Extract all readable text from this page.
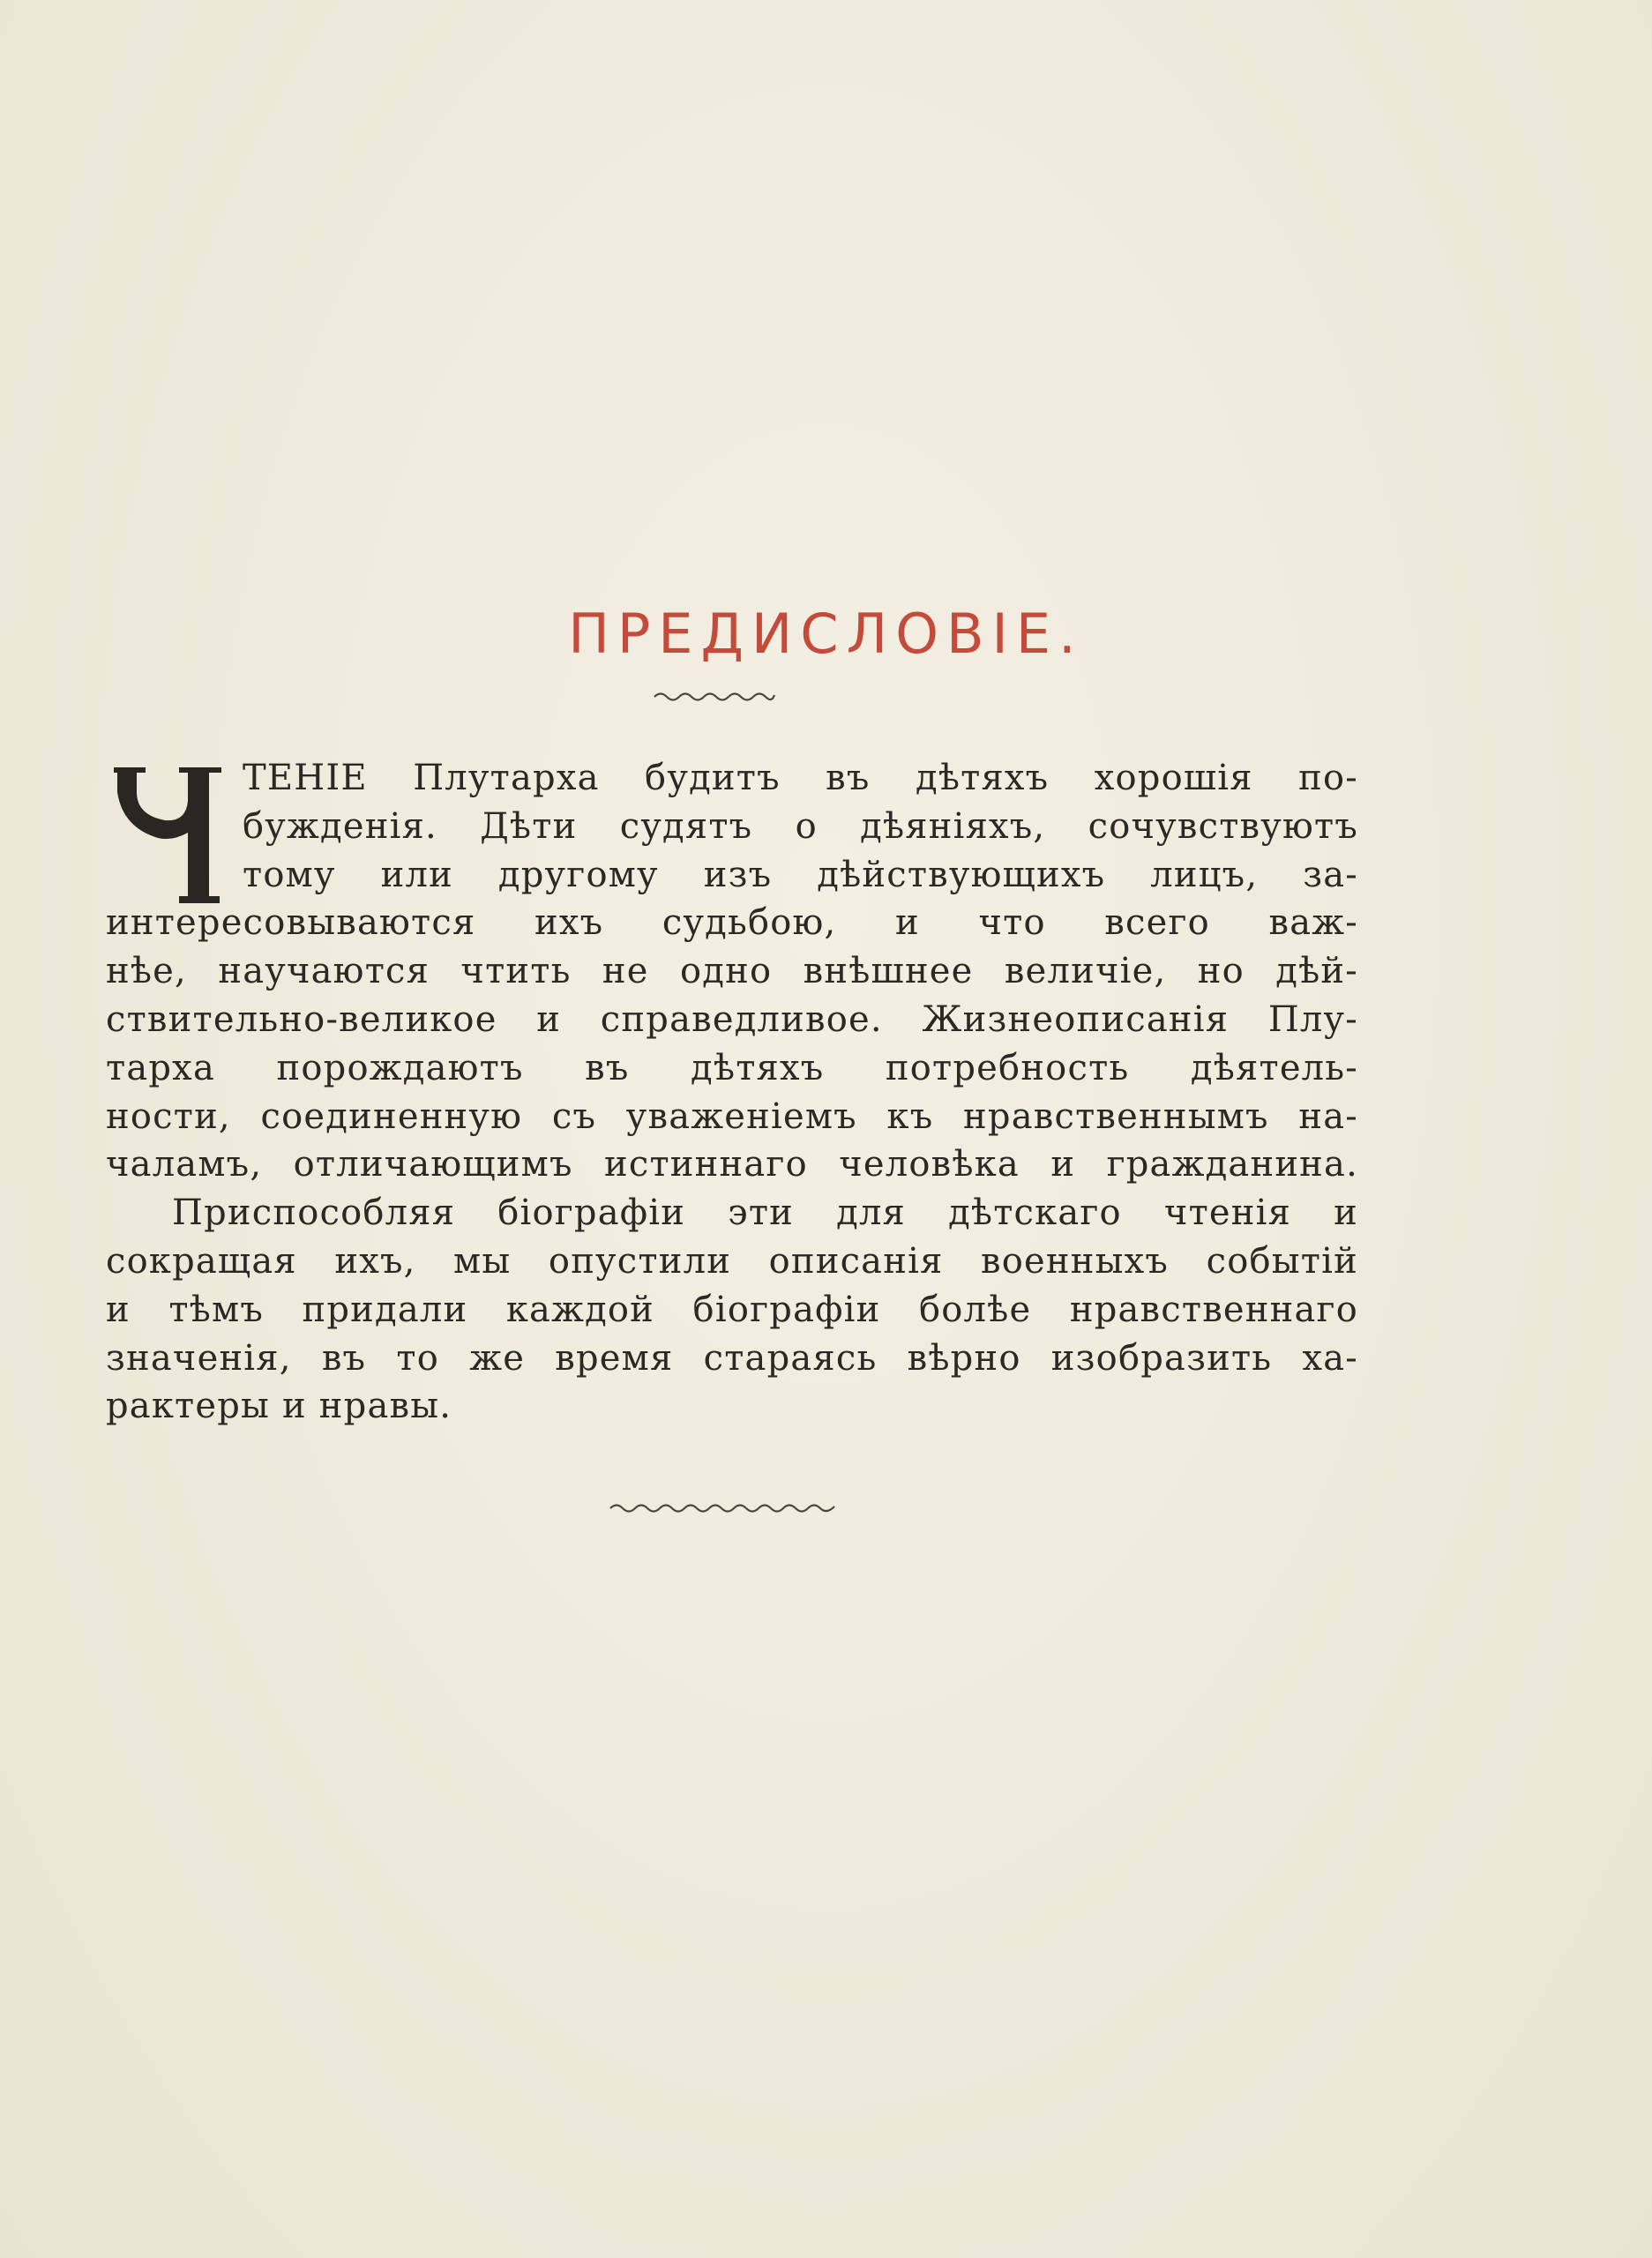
ПРЕДИСЛОВІЕ.
ТЕНІЕ Плутарха будитъ въ дѣтяхъ хорошія по-
бужденія. Дѣти судятъ о дѣяніяхъ, сочувствуютъ
тому или другому изъ дѣйствующихъ лицъ, за-
интересовываются ихъ судьбою, и что всего важ-
нѣе, научаются чтить не одно внѣшнее величіе, но дѣй-
ствительно-великое и справедливое. Жизнеописанія Плу-
тарха порождаютъ въ дѣтяхъ потребность дѣятель-
ности, соединенную съ уваженіемъ къ нравственнымъ на-
чаламъ, отличающимъ истиннаго человѣка и гражданина.
Приспособляя біографіи эти для дѣтскаго чтенія и
сокращая ихъ, мы опустили описанія военныхъ событій
и тѣмъ придали каждой біографіи болѣе нравственнаго
значенія, въ то же время стараясь вѣрно изобразить ха-
рактеры и нравы.
